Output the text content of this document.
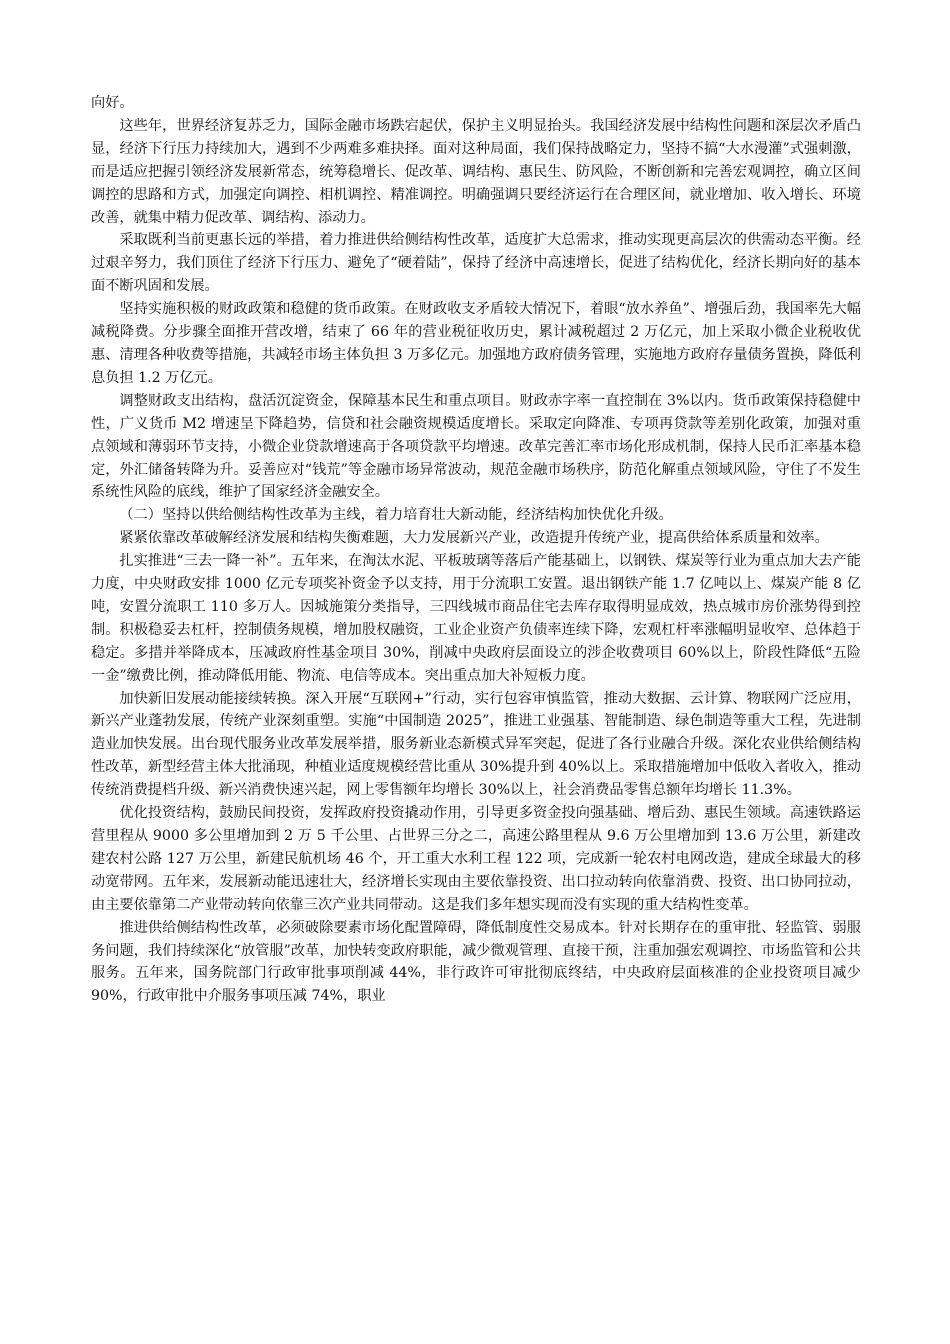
向好。

这些年，世界经济复苏乏力，国际金融市场跌宕起伏，保护主义明显抬头。我国经济发展中结构性问题和深层次矛盾凸显，经济下行压力持续加大，遇到不少两难多难抉择。面对这种局面，我们保持战略定力，坚持不搞“大水漫灌”式强刺激，而是适应把握引领经济发展新常态，统筹稳增长、促改革、调结构、惠民生、防风险，不断创新和完善宏观调控，确立区间调控的思路和方式，加强定向调控、相机调控、精准调控。明确强调只要经济运行在合理区间，就业增加、收入增长、环境改善，就集中精力促改革、调结构、添动力。

采取既利当前更惠长远的举措，着力推进供给侧结构性改革，适度扩大总需求，推动实现更高层次的供需动态平衡。经过艰辛努力，我们顶住了经济下行压力、避免了“硬着陆”，保持了经济中高速增长，促进了结构优化，经济长期向好的基本面不断巩固和发展。

坚持实施积极的财政政策和稳健的货币政策。在财政收支矛盾较大情况下，着眼“放水养鱼”、增强后劲，我国率先大幅减税降费。分步骤全面推开营改增，结束了 66 年的营业税征收历史，累计减税超过 2 万亿元，加上采取小微企业税收优惠、清理各种收费等措施，共减轻市场主体负担 3 万多亿元。加强地方政府债务管理，实施地方政府存量债务置换，降低利息负担 1.2 万亿元。

调整财政支出结构，盘活沉淀资金，保障基本民生和重点项目。财政赤字率一直控制在 3%以内。货币政策保持稳健中性，广义货币 M2 增速呈下降趋势，信贷和社会融资规模适度增长。采取定向降准、专项再贷款等差别化政策，加强对重点领域和薄弱环节支持，小微企业贷款增速高于各项贷款平均增速。改革完善汇率市场化形成机制，保持人民币汇率基本稳定，外汇储备转降为升。妥善应对“钱荒”等金融市场异常波动，规范金融市场秩序，防范化解重点领域风险，守住了不发生系统性风险的底线，维护了国家经济金融安全。

（二）坚持以供给侧结构性改革为主线，着力培育壮大新动能，经济结构加快优化升级。

紧紧依靠改革破解经济发展和结构失衡难题，大力发展新兴产业，改造提升传统产业，提高供给体系质量和效率。

扎实推进“三去一降一补”。五年来，在淘汰水泥、平板玻璃等落后产能基础上，以钢铁、煤炭等行业为重点加大去产能力度，中央财政安排 1000 亿元专项奖补资金予以支持，用于分流职工安置。退出钢铁产能 1.7 亿吨以上、煤炭产能 8 亿吨，安置分流职工 110 多万人。因城施策分类指导，三四线城市商品住宅去库存取得明显成效，热点城市房价涨势得到控制。积极稳妥去杠杆，控制债务规模，增加股权融资，工业企业资产负债率连续下降，宏观杠杆率涨幅明显收窄、总体趋于稳定。多措并举降成本，压减政府性基金项目 30%，削减中央政府层面设立的涉企收费项目 60%以上，阶段性降低“五险一金”缴费比例，推动降低用能、物流、电信等成本。突出重点加大补短板力度。

加快新旧发展动能接续转换。深入开展“互联网+”行动，实行包容审慎监管，推动大数据、云计算、物联网广泛应用，新兴产业蓬勃发展，传统产业深刻重塑。实施“中国制造 2025”，推进工业强基、智能制造、绿色制造等重大工程，先进制造业加快发展。出台现代服务业改革发展举措，服务新业态新模式异军突起，促进了各行业融合升级。深化农业供给侧结构性改革，新型经营主体大批涌现，种植业适度规模经营比重从 30%提升到 40%以上。采取措施增加中低收入者收入，推动传统消费提档升级、新兴消费快速兴起，网上零售额年均增长 30%以上，社会消费品零售总额年均增长 11.3%。

优化投资结构，鼓励民间投资，发挥政府投资撬动作用，引导更多资金投向强基础、增后劲、惠民生领域。高速铁路运营里程从 9000 多公里增加到 2 万 5 千公里、占世界三分之二，高速公路里程从 9.6 万公里增加到 13.6 万公里，新建改建农村公路 127 万公里，新建民航机场 46 个，开工重大水利工程 122 项，完成新一轮农村电网改造，建成全球最大的移动宽带网。五年来，发展新动能迅速壮大，经济增长实现由主要依靠投资、出口拉动转向依靠消费、投资、出口协同拉动，由主要依靠第二产业带动转向依靠三次产业共同带动。这是我们多年想实现而没有实现的重大结构性变革。

推进供给侧结构性改革，必须破除要素市场化配置障碍，降低制度性交易成本。针对长期存在的重审批、轻监管、弱服务问题，我们持续深化“放管服”改革，加快转变政府职能，减少微观管理、直接干预，注重加强宏观调控、市场监管和公共服务。五年来，国务院部门行政审批事项削减 44%，非行政许可审批彻底终结，中央政府层面核准的企业投资项目减少 90%，行政审批中介服务事项压减 74%，职业
